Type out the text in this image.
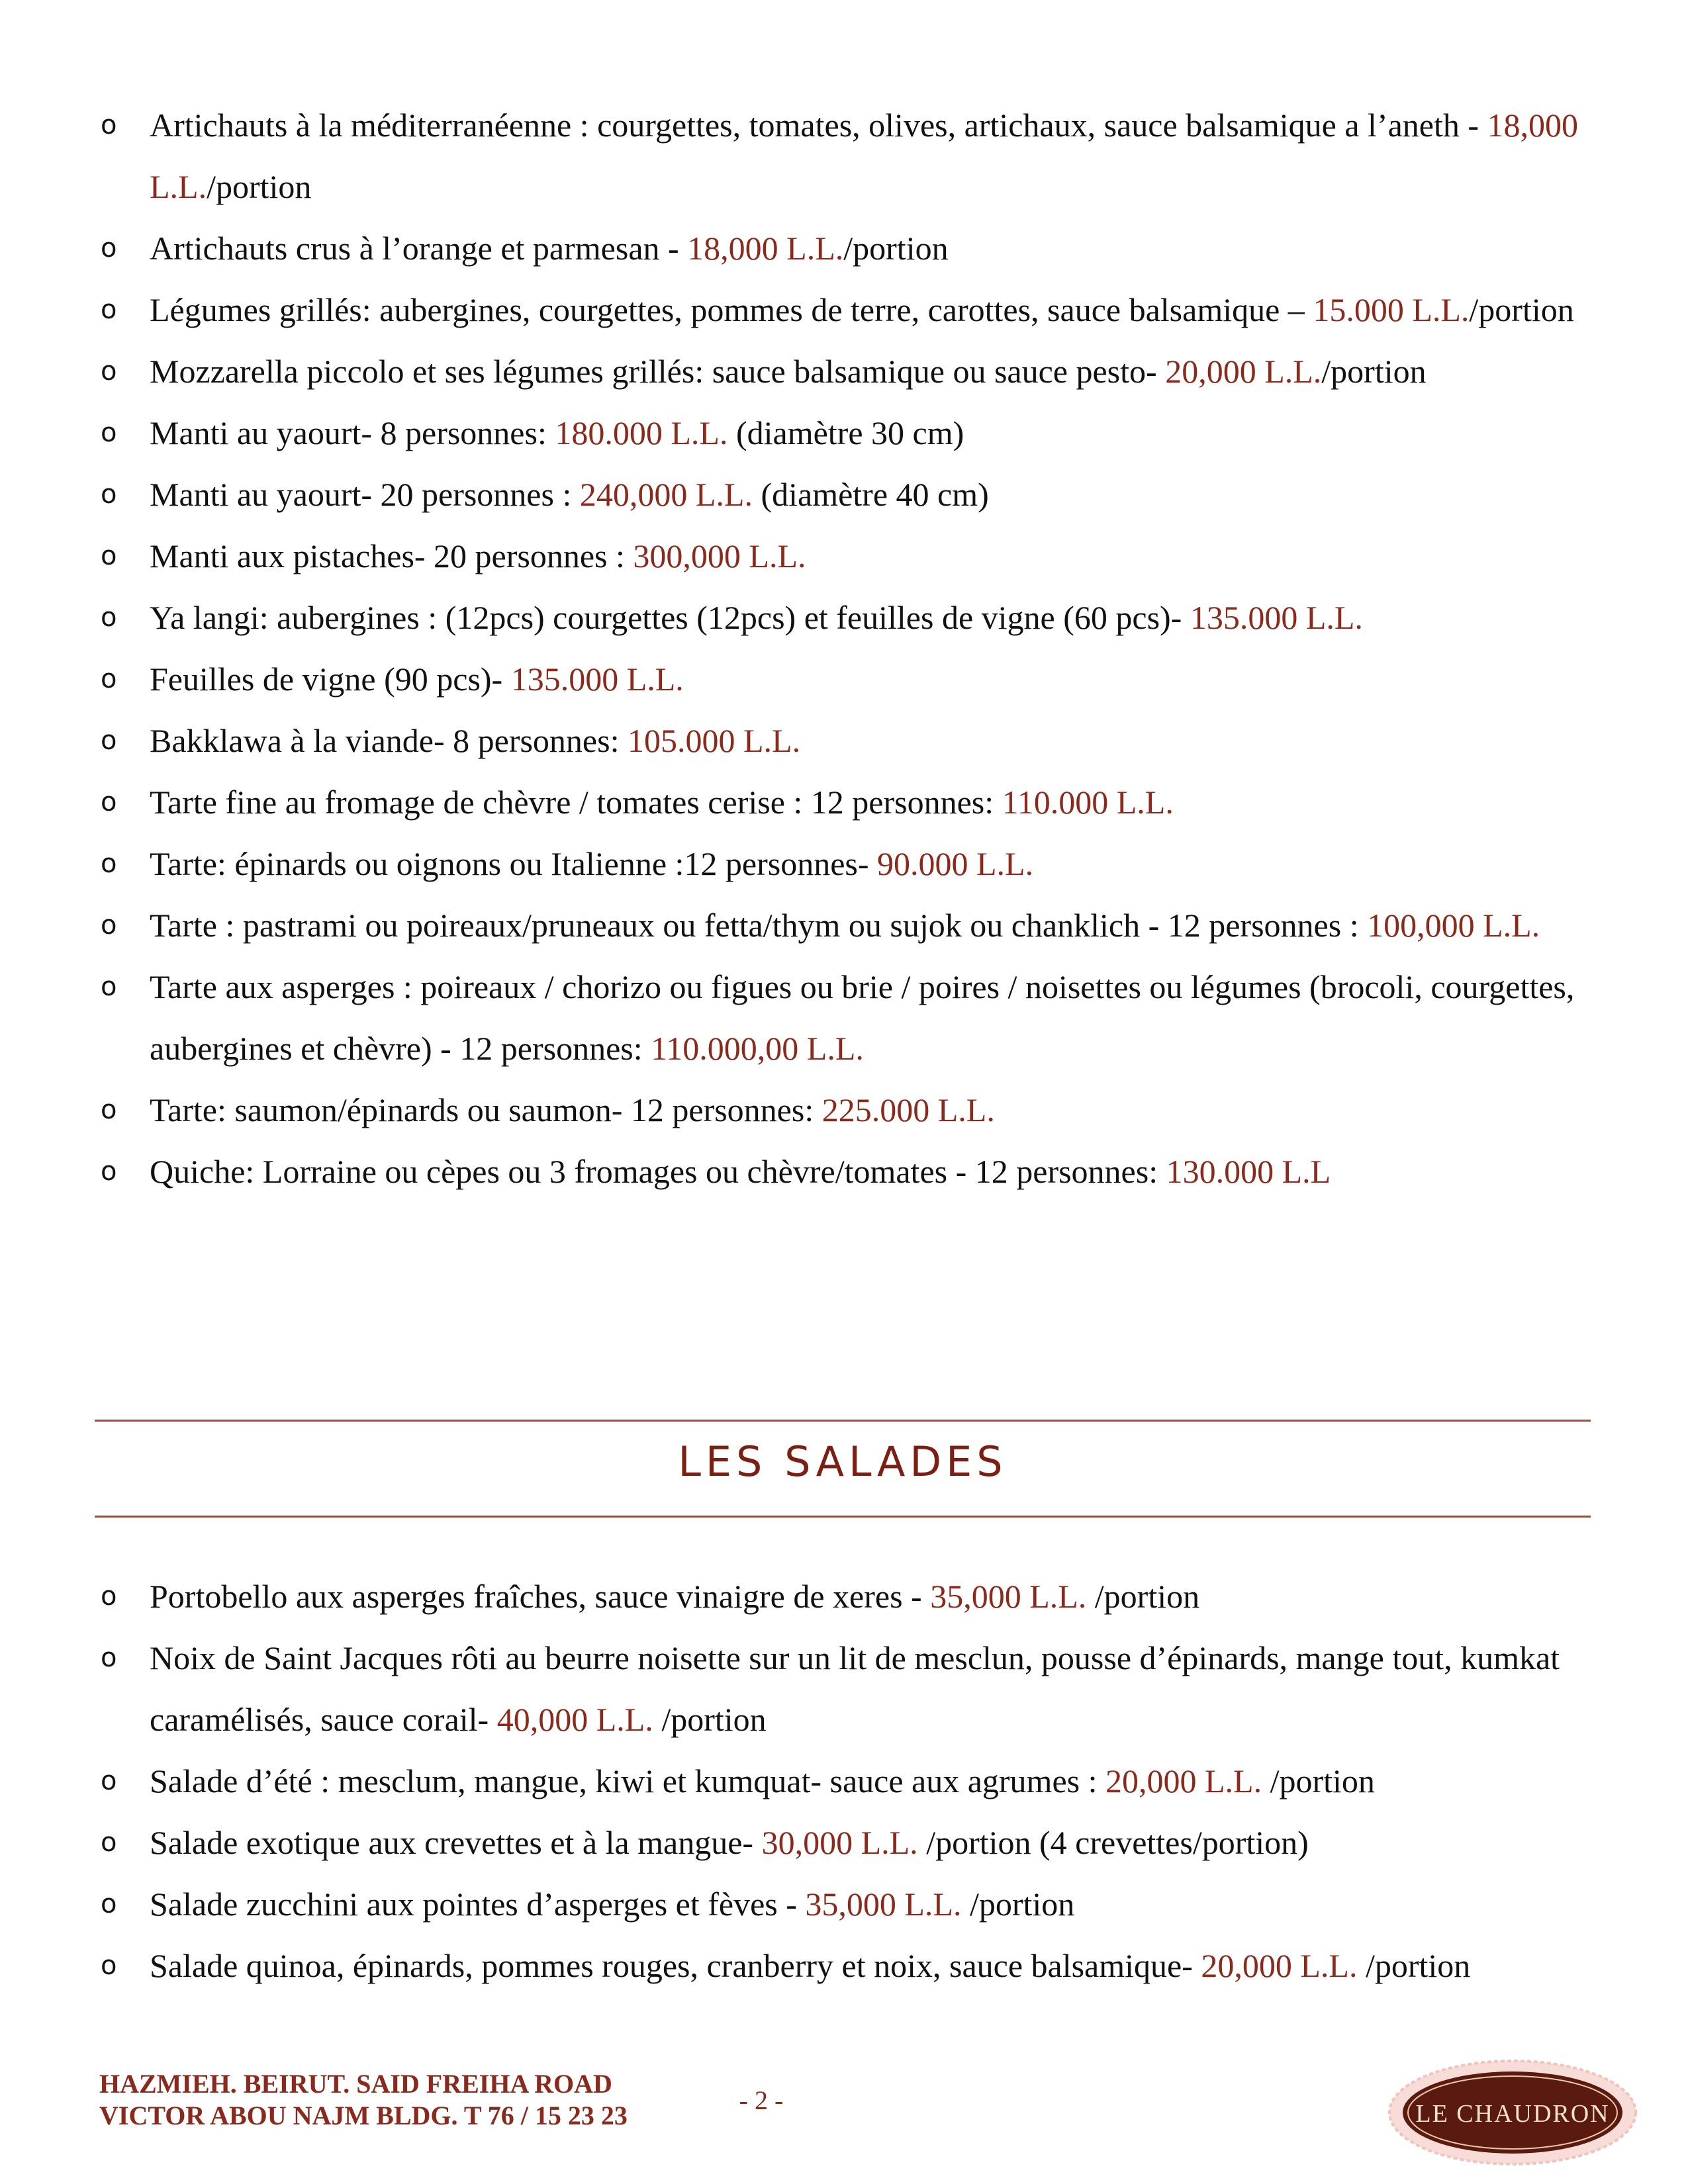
o Artichauts à la méditerranéenne : courgettes, tomates, olives, artichaux, sauce balsamique a l’aneth - 18,000 L.L./portion
o Artichauts crus à l’orange et parmesan - 18,000 L.L./portion
o Légumes grillés: aubergines, courgettes, pommes de terre, carottes, sauce balsamique – 15.000 L.L./portion
o Mozzarella piccolo et ses légumes grillés: sauce balsamique ou sauce pesto- 20,000 L.L./portion
o Manti au yaourt- 8 personnes: 180.000 L.L. (diamètre 30 cm)
o Manti au yaourt- 20 personnes : 240,000 L.L. (diamètre 40 cm)
o Manti aux pistaches- 20 personnes : 300,000 L.L.
o Ya langi: aubergines : (12pcs) courgettes (12pcs) et feuilles de vigne (60 pcs)- 135.000 L.L.
o Feuilles de vigne (90 pcs)- 135.000 L.L.
o Bakklawa à la viande- 8 personnes: 105.000 L.L.
o Tarte fine au fromage de chèvre / tomates cerise : 12 personnes: 110.000 L.L.
o Tarte: épinards ou oignons ou Italienne :12 personnes- 90.000 L.L.
o Tarte : pastrami ou poireaux/pruneaux ou fetta/thym ou sujok ou chanklich - 12 personnes : 100,000 L.L.
o Tarte aux asperges : poireaux / chorizo ou figues ou brie / poires / noisettes ou légumes (brocoli, courgettes, aubergines et chèvre) - 12 personnes: 110.000,00 L.L.
o Tarte: saumon/épinards ou saumon- 12 personnes: 225.000 L.L.
o Quiche: Lorraine ou cèpes ou 3 fromages ou chèvre/tomates - 12 personnes: 130.000 L.L
LES SALADES
o Portobello aux asperges fraîches, sauce vinaigre de xeres - 35,000 L.L. /portion
o Noix de Saint Jacques rôti au beurre noisette sur un lit de mesclun, pousse d’épinards, mange tout, kumkat caramélisés, sauce corail- 40,000 L.L. /portion
o Salade d’été : mesclum, mangue, kiwi et kumquat- sauce aux agrumes : 20,000 L.L. /portion
o Salade exotique aux crevettes et à la mangue- 30,000 L.L. /portion (4 crevettes/portion)
o Salade zucchini aux pointes d’asperges et fèves - 35,000 L.L. /portion
o Salade quinoa, épinards, pommes rouges, cranberry et noix, sauce balsamique- 20,000 L.L. /portion
HAZMIEH. BEIRUT. SAID FREIHA ROAD
VICTOR ABOU NAJM BLDG. T 76 / 15 23 23
- 2 -	LE CHAUDRON
